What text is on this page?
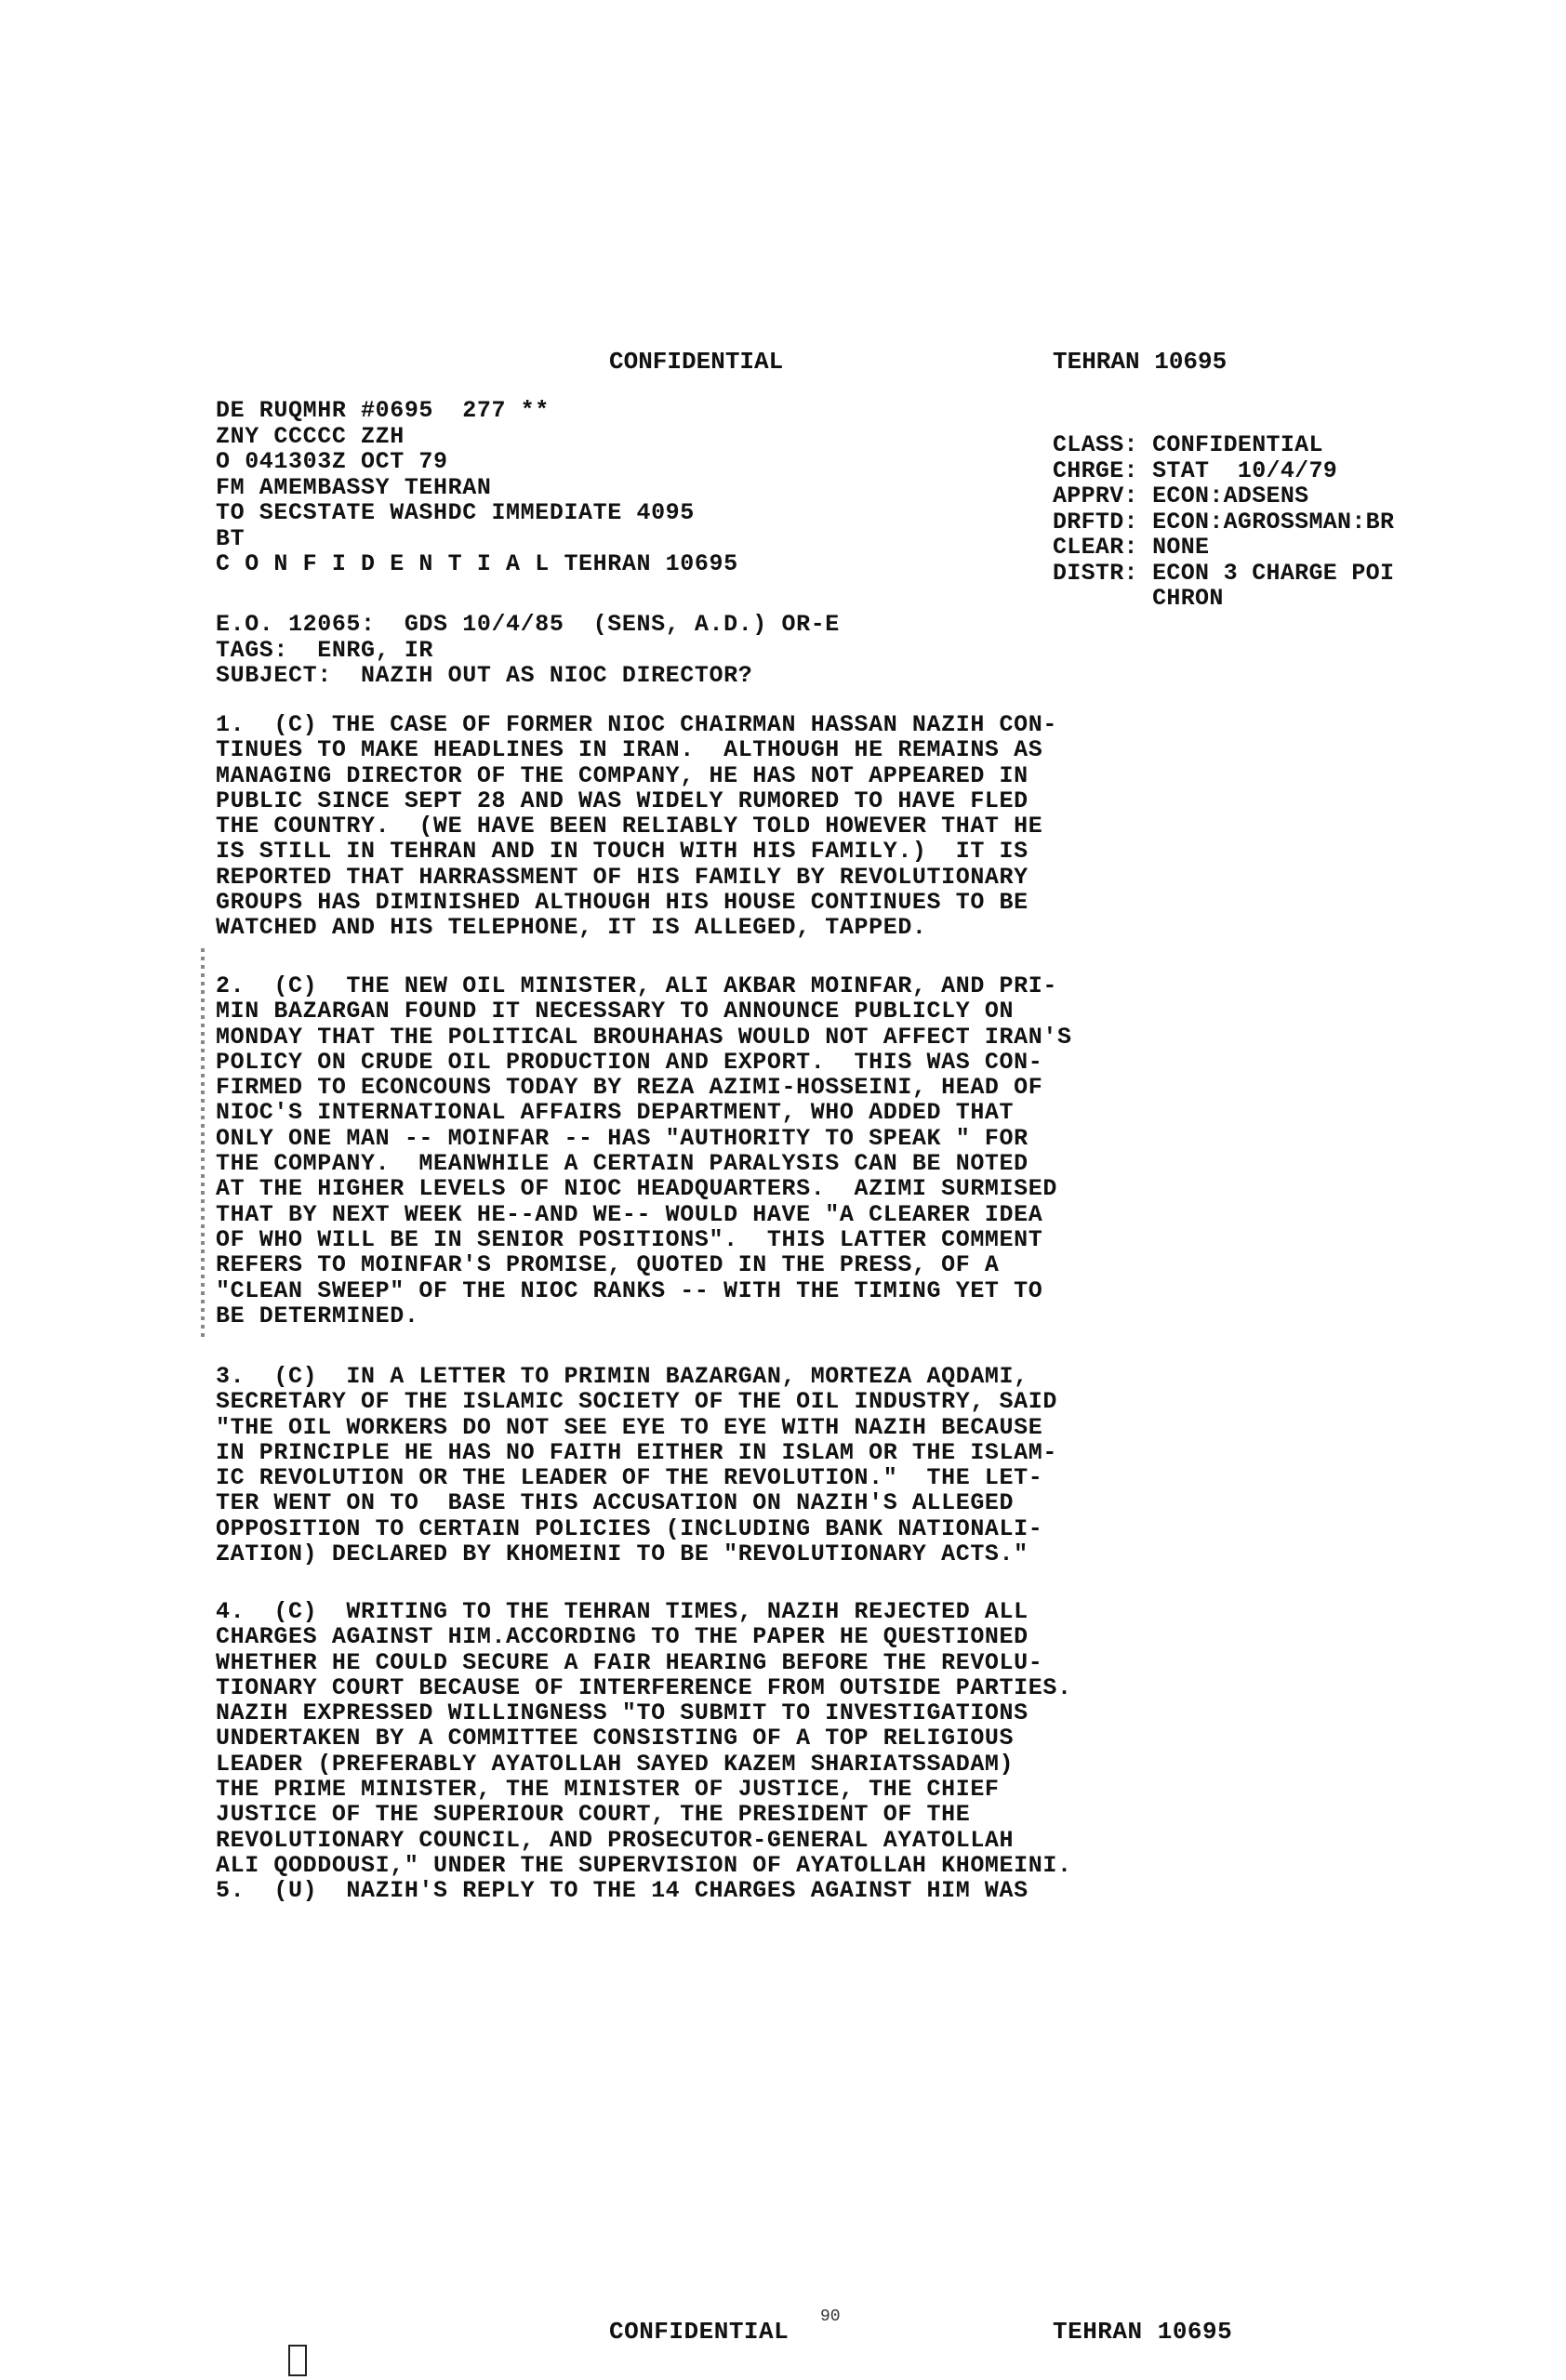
CONFIDENTIAL	TEHRAN 10695
DE RUQMHR #0695  277 **
ZNY CCCCC ZZH
O 041303Z OCT 79
FM AMEMBASSY TEHRAN
TO SECSTATE WASHDC IMMEDIATE 4095
BT
C O N F I D E N T I A L TEHRAN 10695
CLASS: CONFIDENTIAL
CHRGE: STAT  10/4/79
APPRV: ECON:ADSENS
DRFTD: ECON:AGROSSMAN:BR
CLEAR: NONE
DISTR: ECON 3 CHARGE POI
CHRON
E.O. 12065:  GDS 10/4/85  (SENS, A.D.) OR-E
TAGS:  ENRG, IR
SUBJECT:  NAZIH OUT AS NIOC DIRECTOR?
1.  (C) THE CASE OF FORMER NIOC CHAIRMAN HASSAN NAZIH CON-
TINUES TO MAKE HEADLINES IN IRAN.  ALTHOUGH HE REMAINS AS
MANAGING DIRECTOR OF THE COMPANY, HE HAS NOT APPEARED IN
PUBLIC SINCE SEPT 28 AND WAS WIDELY RUMORED TO HAVE FLED
THE COUNTRY.  (WE HAVE BEEN RELIABLY TOLD HOWEVER THAT HE
IS STILL IN TEHRAN AND IN TOUCH WITH HIS FAMILY.)  IT IS
REPORTED THAT HARRASSMENT OF HIS FAMILY BY REVOLUTIONARY
GROUPS HAS DIMINISHED ALTHOUGH HIS HOUSE CONTINUES TO BE
WATCHED AND HIS TELEPHONE, IT IS ALLEGED, TAPPED.
2.  (C)  THE NEW OIL MINISTER, ALI AKBAR MOINFAR, AND PRI-
MIN BAZARGAN FOUND IT NECESSARY TO ANNOUNCE PUBLICLY ON
MONDAY THAT THE POLITICAL BROUHAHAS WOULD NOT AFFECT IRAN'S
POLICY ON CRUDE OIL PRODUCTION AND EXPORT.  THIS WAS CON-
FIRMED TO ECONCOUNS TODAY BY REZA AZIMI-HOSSEINI, HEAD OF
NIOC'S INTERNATIONAL AFFAIRS DEPARTMENT, WHO ADDED THAT
ONLY ONE MAN -- MOINFAR -- HAS "AUTHORITY TO SPEAK " FOR
THE COMPANY.  MEANWHILE A CERTAIN PARALYSIS CAN BE NOTED
AT THE HIGHER LEVELS OF NIOC HEADQUARTERS.  AZIMI SURMISED
THAT BY NEXT WEEK HE--AND WE-- WOULD HAVE "A CLEARER IDEA
OF WHO WILL BE IN SENIOR POSITIONS".  THIS LATTER COMMENT
REFERS TO MOINFAR'S PROMISE, QUOTED IN THE PRESS, OF A
"CLEAN SWEEP" OF THE NIOC RANKS -- WITH THE TIMING YET TO
BE DETERMINED.
3.  (C)  IN A LETTER TO PRIMIN BAZARGAN, MORTEZA AQDAMI,
SECRETARY OF THE ISLAMIC SOCIETY OF THE OIL INDUSTRY, SAID
"THE OIL WORKERS DO NOT SEE EYE TO EYE WITH NAZIH BECAUSE
IN PRINCIPLE HE HAS NO FAITH EITHER IN ISLAM OR THE ISLAM-
IC REVOLUTION OR THE LEADER OF THE REVOLUTION."  THE LET-
TER WENT ON TO  BASE THIS ACCUSATION ON NAZIH'S ALLEGED
OPPOSITION TO CERTAIN POLICIES (INCLUDING BANK NATIONALI-
ZATION) DECLARED BY KHOMEINI TO BE "REVOLUTIONARY ACTS."
4.  (C)  WRITING TO THE TEHRAN TIMES, NAZIH REJECTED ALL
CHARGES AGAINST HIM.ACCORDING TO THE PAPER HE QUESTIONED
WHETHER HE COULD SECURE A FAIR HEARING BEFORE THE REVOLU-
TIONARY COURT BECAUSE OF INTERFERENCE FROM OUTSIDE PARTIES.
NAZIH EXPRESSED WILLINGNESS "TO SUBMIT TO INVESTIGATIONS
UNDERTAKEN BY A COMMITTEE CONSISTING OF A TOP RELIGIOUS
LEADER (PREFERABLY AYATOLLAH SAYED KAZEM SHARIATSSADAM)
THE PRIME MINISTER, THE MINISTER OF JUSTICE, THE CHIEF
JUSTICE OF THE SUPERIOUR COURT, THE PRESIDENT OF THE
REVOLUTIONARY COUNCIL, AND PROSECUTOR-GENERAL AYATOLLAH
ALI QODDOUSI," UNDER THE SUPERVISION OF AYATOLLAH KHOMEINI.
5.  (U)  NAZIH'S REPLY TO THE 14 CHARGES AGAINST HIM WAS
CONFIDENTIAL
90
TEHRAN 10695
